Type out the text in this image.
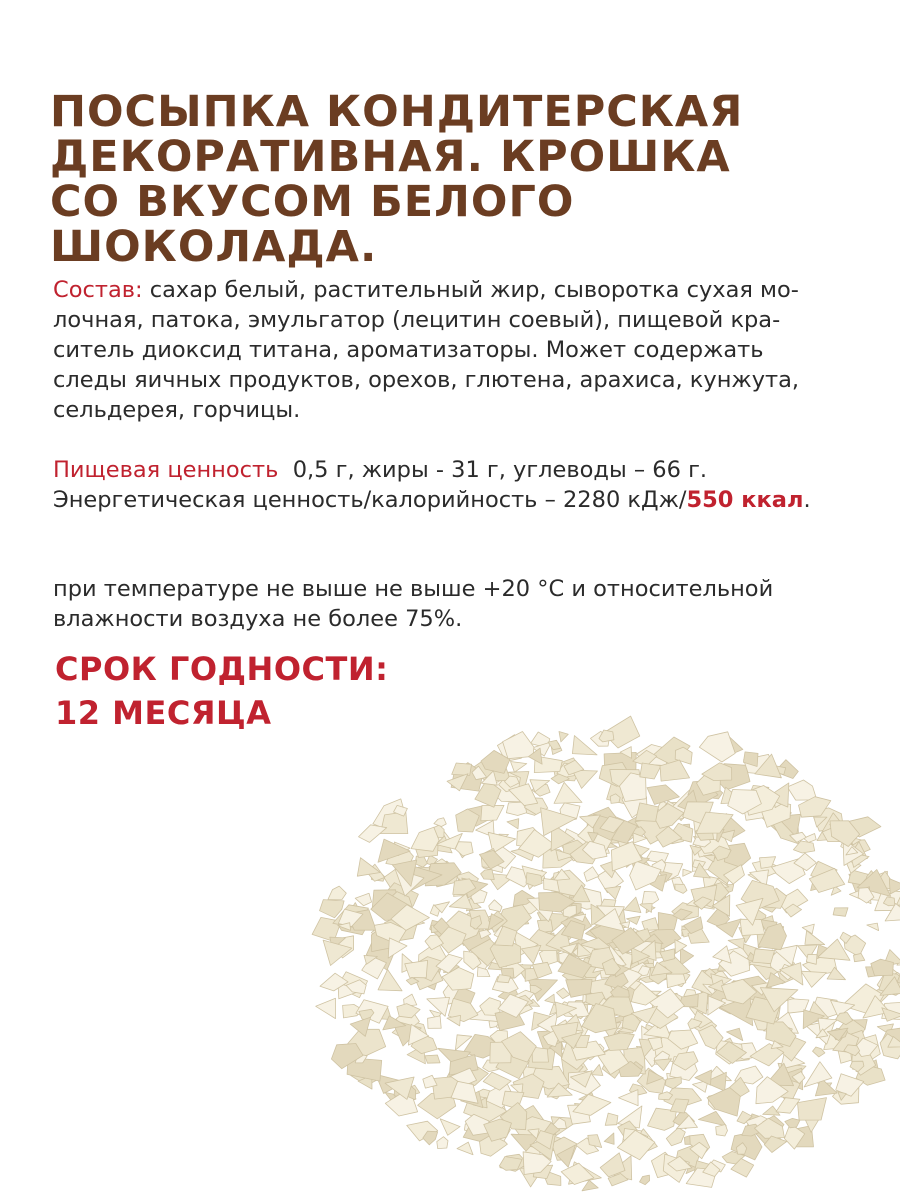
ПОСЫПКА КОНДИТЕРСКАЯ
ДЕКОРАТИВНАЯ. КРОШКА
СО ВКУСОМ БЕЛОГО ШОКОЛАДА.
Состав: сахар белый, растительный жир, сыворотка сухая мо-
лочная, патока, эмульгатор (лецитин соевый), пищевой кра-
ситель диоксид титана, ароматизаторы. Может содержать
следы яичных продуктов, орехов, глютена, арахиса, кунжута,
сельдерея, горчицы.
Пищевая ценность  0,5 г, жиры - 31 г, углеводы – 66 г.
Энергетическая ценность/калорийность – 2280 кДж/550 ккал.
при температуре не выше не выше +20 °C и относительной
влажности воздуха не более 75%.
СРОК ГОДНОСТИ:
12 МЕСЯЦА
